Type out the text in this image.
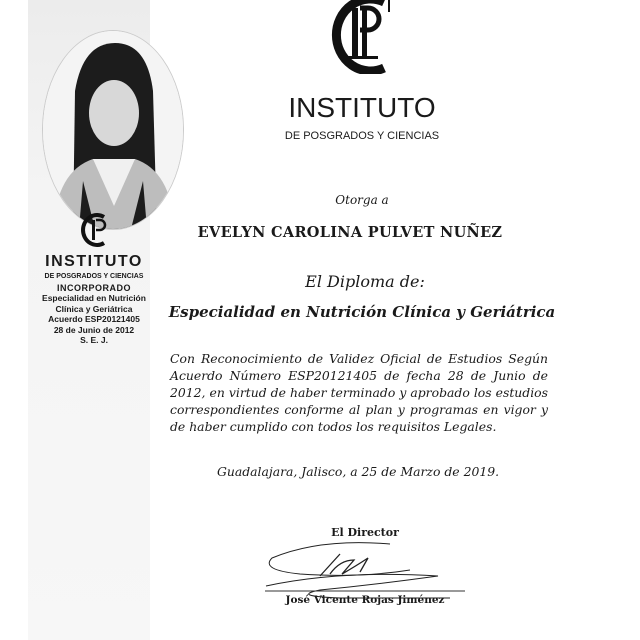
INSTITUTO
DE POSGRADOS Y CIENCIAS
INCORPORADO
Especialidad en Nutrición
Clínica y Geriátrica
Acuerdo ESP20121405
28 de Junio de 2012
S. E. J.
INSTITUTO
DE POSGRADOS Y CIENCIAS
Otorga a
EVELYN CAROLINA PULVET NUÑEZ
El Diploma de:
Especialidad en Nutrición Clínica y Geriátrica
Con Reconocimiento de Validez Oficial de Estudios Según Acuerdo Número ESP20121405 de fecha 28 de Junio de 2012, en virtud de haber terminado y aprobado los estudios correspondientes conforme al plan y programas en vigor y de haber cumplido con todos los requisitos Legales.
Guadalajara, Jalisco, a 25 de Marzo de 2019.
El Director
José Vicente Rojas Jiménez
